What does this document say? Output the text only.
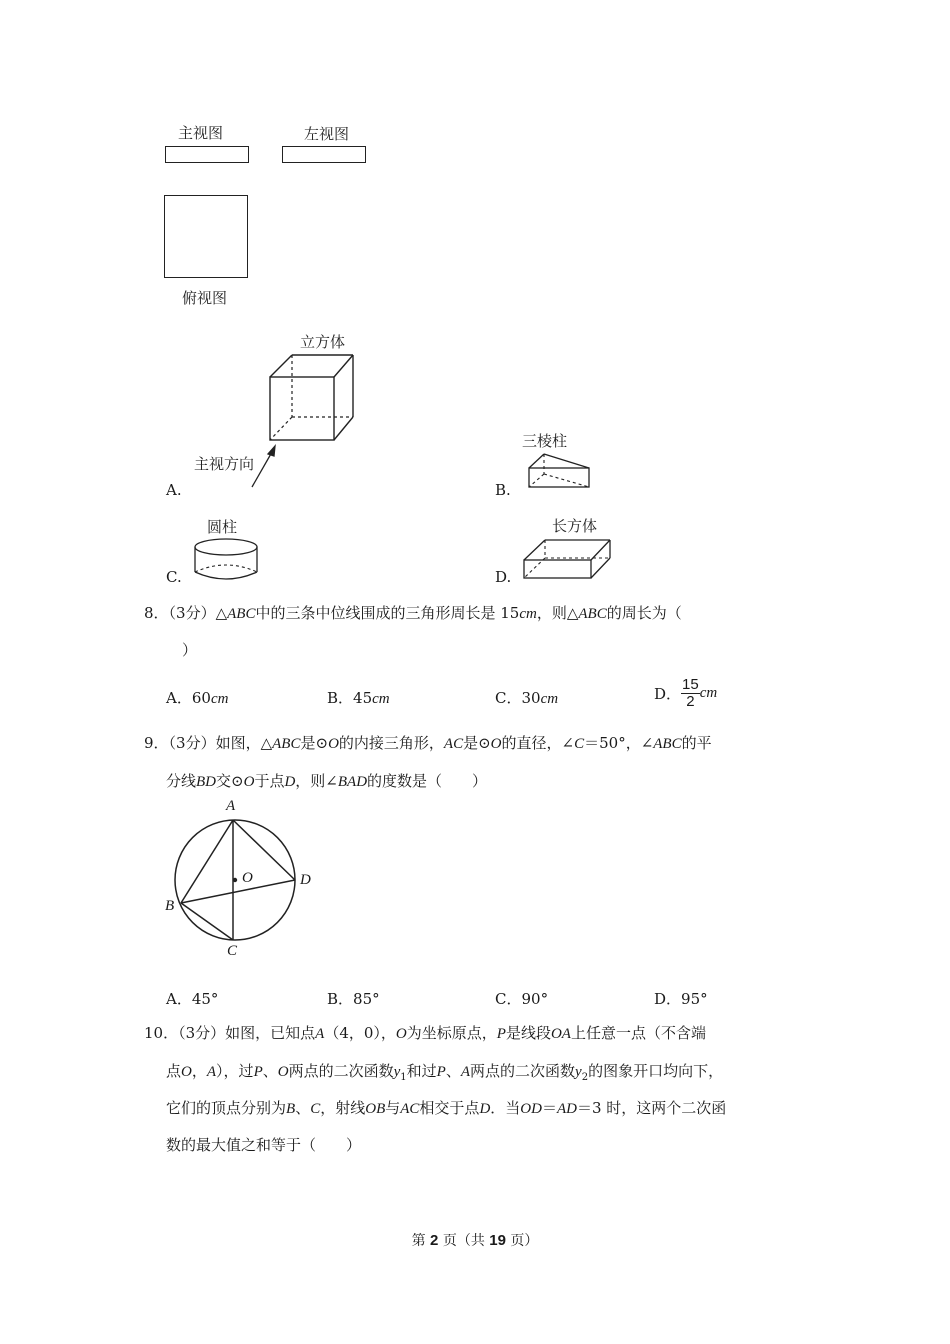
主视图	左视图
俯视图
A.
立方体
主视方向
B.
三棱柱
C.
圆柱
D.
长方体
8．（3分）△ABC中的三条中位线围成的三角形周长是 15cm，则△ABC的周长为（
）
A．60cm	B．45cm	C．30cm	D． $\frac{15}{2}$ cm
9．（3分）如图，△ABC是⊙O的内接三角形，AC是⊙O的直径，∠C＝50°，∠ABC的平
分线BD交⊙O于点D，则∠BAD的度数是（　　）
A
B
C
D
O
A．45°	B．85°	C．90°	D．95°
10．（3分）如图，已知点A（4，0），O为坐标原点，P是线段OA上任意一点（不含端
点O，A），过P、O两点的二次函数$y_1$和过P、A两点的二次函数$y_2$的图象开口均向下，
它们的顶点分别为B、C，射线OB与AC相交于点D．当OD＝AD＝3 时，这两个二次函
数的最大值之和等于（　　）
第 2 页（共 19 页）
